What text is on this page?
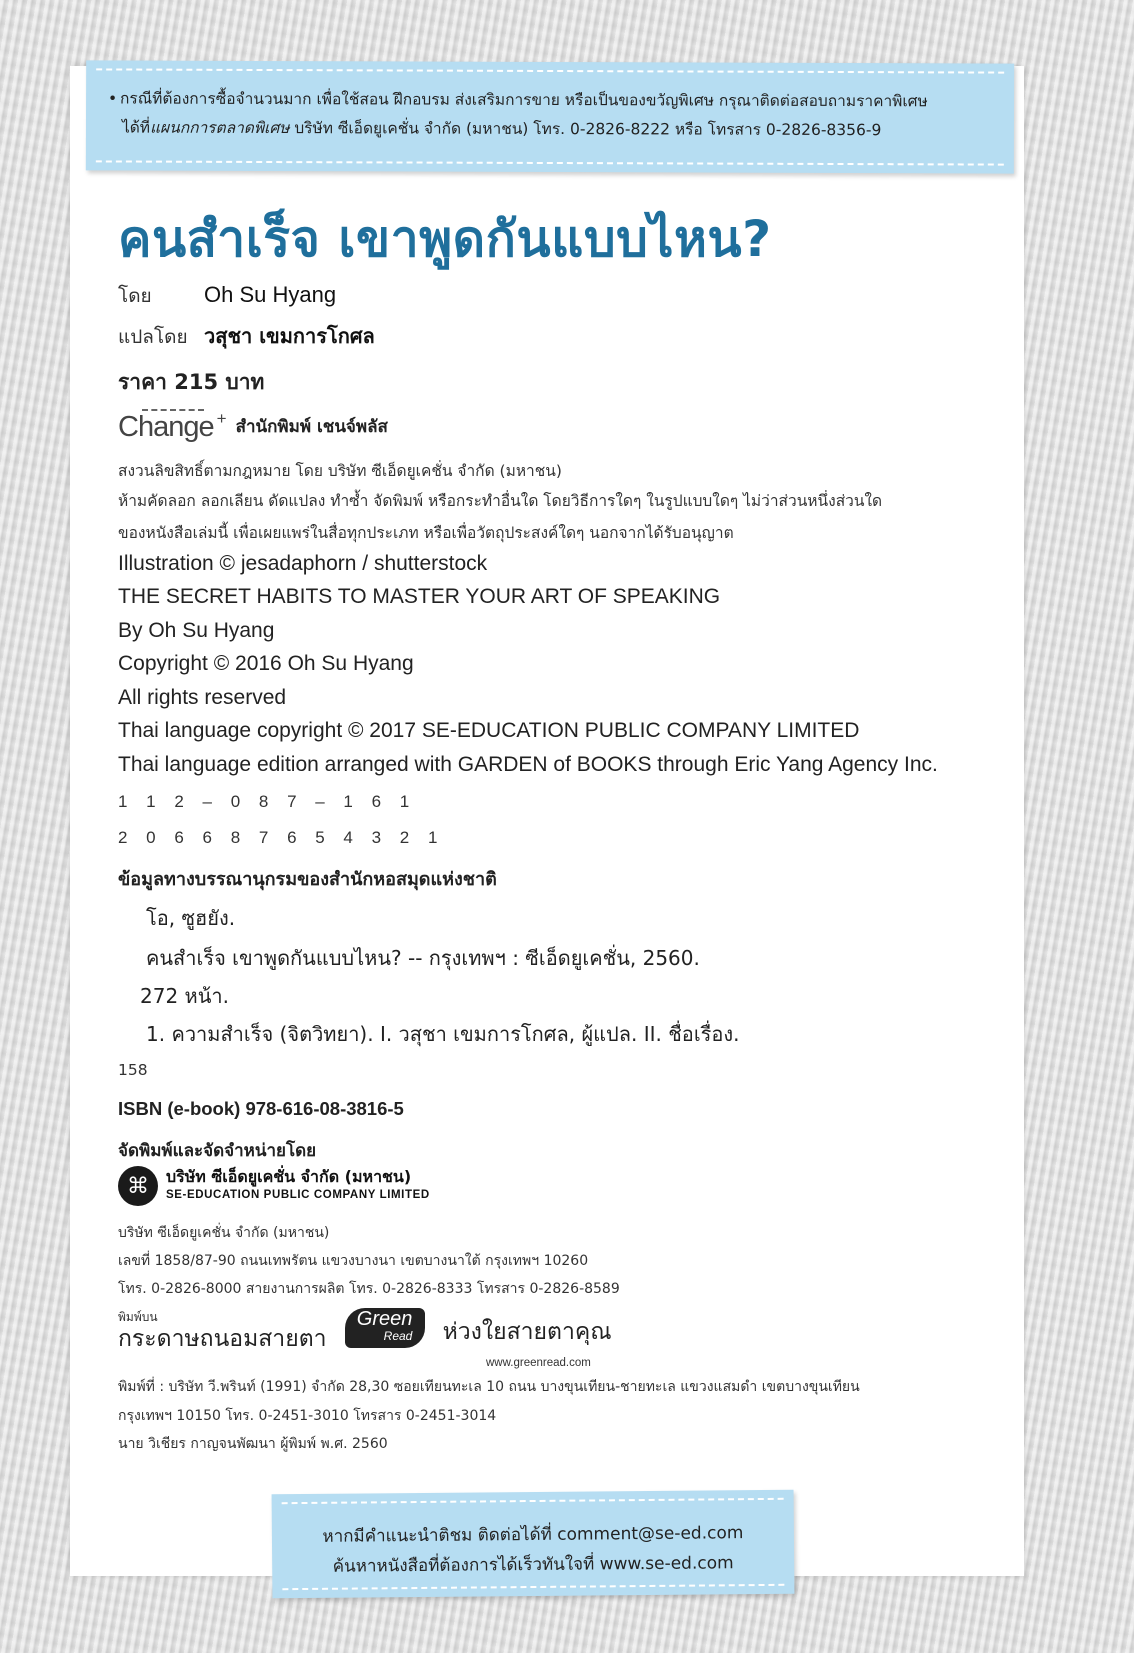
• กรณีที่ต้องการซื้อจำนวนมาก เพื่อใช้สอน ฝึกอบรม ส่งเสริมการขาย หรือเป็นของขวัญพิเศษ กรุณาติดต่อสอบถามราคาพิเศษ
ได้ที่แผนกการตลาดพิเศษ บริษัท ซีเอ็ดยูเคชั่น จำกัด (มหาชน) โทร. 0-2826-8222 หรือ โทรสาร 0-2826-8356-9
คนสำเร็จ เขาพูดกันแบบไหน?
โดย Oh Su Hyang
แปลโดย วสุชา เขมการโกศล
ราคา 215 บาท
Change + สำนักพิมพ์ เชนจ์พลัส
สงวนลิขสิทธิ์ตามกฎหมาย โดย บริษัท ซีเอ็ดยูเคชั่น จำกัด (มหาชน)
ห้ามคัดลอก ลอกเลียน ดัดแปลง ทำซ้ำ จัดพิมพ์ หรือกระทำอื่นใด โดยวิธีการใดๆ ในรูปแบบใดๆ ไม่ว่าส่วนหนึ่งส่วนใด
ของหนังสือเล่มนี้ เพื่อเผยแพร่ในสื่อทุกประเภท หรือเพื่อวัตถุประสงค์ใดๆ นอกจากได้รับอนุญาต
Illustration © jesadaphorn / shutterstock
THE SECRET HABITS TO MASTER YOUR ART OF SPEAKING
By Oh Su Hyang
Copyright © 2016 Oh Su Hyang
All rights reserved
Thai language copyright © 2017 SE-EDUCATION PUBLIC COMPANY LIMITED
Thai language edition arranged with GARDEN of BOOKS through Eric Yang Agency Inc.
1 1 2 – 0 8 7 – 1 6 1
2 0 6 6 8 7 6 5 4 3 2 1
ข้อมูลทางบรรณานุกรมของสำนักหอสมุดแห่งชาติ
โอ, ซูฮยัง.
คนสำเร็จ เขาพูดกันแบบไหน? -- กรุงเทพฯ : ซีเอ็ดยูเคชั่น, 2560.
272 หน้า.
1. ความสำเร็จ (จิตวิทยา). I. วสุชา เขมการโกศล, ผู้แปล. II. ชื่อเรื่อง.
158
ISBN (e-book) 978-616-08-3816-5
จัดพิมพ์และจัดจำหน่ายโดย
⌘	บริษัท ซีเอ็ดยูเคชั่น จำกัด (มหาชน)
SE-EDUCATION PUBLIC COMPANY LIMITED
บริษัท ซีเอ็ดยูเคชั่น จำกัด (มหาชน)
เลขที่ 1858/87-90 ถนนเทพรัตน แขวงบางนา เขตบางนาใต้ กรุงเทพฯ 10260
โทร. 0-2826-8000 สายงานการผลิต โทร. 0-2826-8333 โทรสาร 0-2826-8589
พิมพ์บน
กระดาษถนอมสายตา
Green
Read ห่วงใยสายตาคุณ
www.greenread.com
พิมพ์ที่ : บริษัท วี.พรินท์ (1991) จำกัด 28,30 ซอยเทียนทะเล 10 ถนน บางขุนเทียน-ชายทะเล แขวงแสมดำ เขตบางขุนเทียน
กรุงเทพฯ 10150 โทร. 0-2451-3010 โทรสาร 0-2451-3014
นาย วิเชียร กาญจนพัฒนา ผู้พิมพ์ พ.ศ. 2560
หากมีคำแนะนำติชม ติดต่อได้ที่ comment@se-ed.com
ค้นหาหนังสือที่ต้องการได้เร็วทันใจที่ www.se-ed.com
